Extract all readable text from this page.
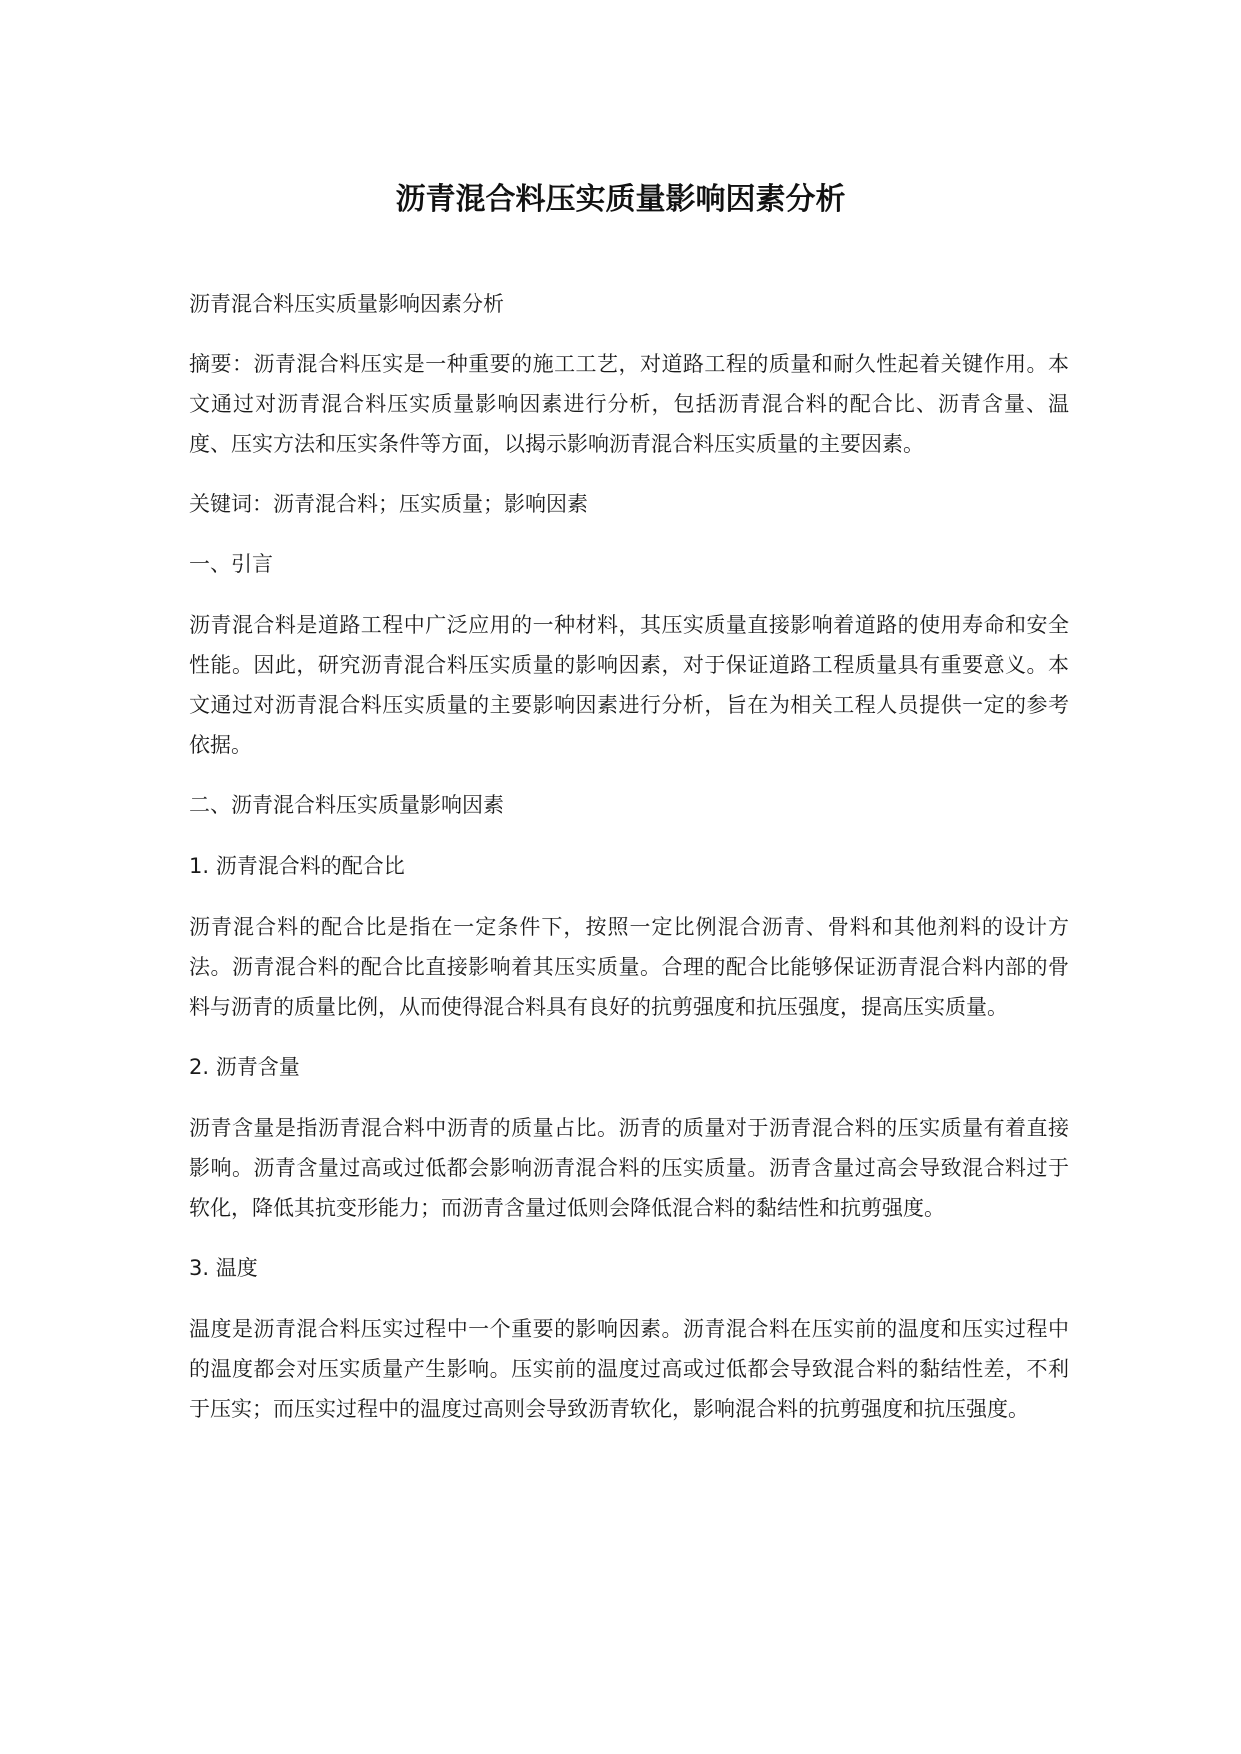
沥青混合料压实质量影响因素分析

沥青混合料压实质量影响因素分析

摘要：沥青混合料压实是一种重要的施工工艺，对道路工程的质量和耐久性起着关键作用。本文通过对沥青混合料压实质量影响因素进行分析，包括沥青混合料的配合比、沥青含量、温度、压实方法和压实条件等方面，以揭示影响沥青混合料压实质量的主要因素。

关键词：沥青混合料；压实质量；影响因素

一、引言

沥青混合料是道路工程中广泛应用的一种材料，其压实质量直接影响着道路的使用寿命和安全性能。因此，研究沥青混合料压实质量的影响因素，对于保证道路工程质量具有重要意义。本文通过对沥青混合料压实质量的主要影响因素进行分析，旨在为相关工程人员提供一定的参考依据。

二、沥青混合料压实质量影响因素

1. 沥青混合料的配合比

沥青混合料的配合比是指在一定条件下，按照一定比例混合沥青、骨料和其他剂料的设计方法。沥青混合料的配合比直接影响着其压实质量。合理的配合比能够保证沥青混合料内部的骨料与沥青的质量比例，从而使得混合料具有良好的抗剪强度和抗压强度，提高压实质量。

2. 沥青含量

沥青含量是指沥青混合料中沥青的质量占比。沥青的质量对于沥青混合料的压实质量有着直接影响。沥青含量过高或过低都会影响沥青混合料的压实质量。沥青含量过高会导致混合料过于软化，降低其抗变形能力；而沥青含量过低则会降低混合料的黏结性和抗剪强度。

3. 温度

温度是沥青混合料压实过程中一个重要的影响因素。沥青混合料在压实前的温度和压实过程中的温度都会对压实质量产生影响。压实前的温度过高或过低都会导致混合料的黏结性差，不利于压实；而压实过程中的温度过高则会导致沥青软化，影响混合料的抗剪强度和抗压强度。
